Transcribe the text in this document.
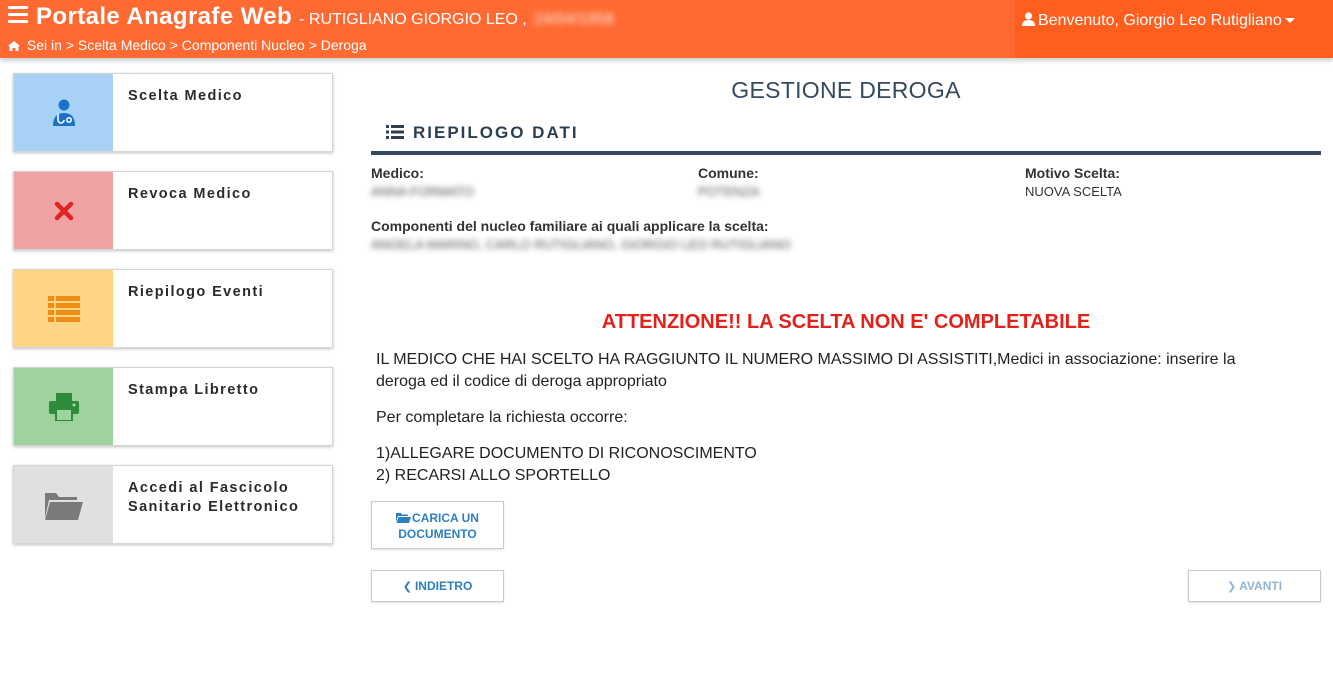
Portale Anagrafe Web - RUTIGLIANO GIORGIO LEO , 24/04/1958
Sei in > Scelta Medico > Componenti Nucleo > Deroga
Benvenuto, Giorgio Leo Rutigliano
Scelta Medico
Revoca Medico
Riepilogo Eventi
Stampa Libretto
Accedi al Fascicolo Sanitario Elettronico
GESTIONE DEROGA
RIEPILOGO DATI
Medico:
ANNA FORMATO
Comune:
POTENZA
Motivo Scelta:
NUOVA SCELTA
Componenti del nucleo familiare ai quali applicare la scelta:
ANGELA MARINO, CARLO RUTIGLIANO, GIORGIO LEO RUTIGLIANO
ATTENZIONE!! LA SCELTA NON E' COMPLETABILE
IL MEDICO CHE HAI SCELTO HA RAGGIUNTO IL NUMERO MASSIMO DI ASSISTITI,Medici in associazione: inserire la deroga ed il codice di deroga appropriato
Per completare la richiesta occorre:
1)ALLEGARE DOCUMENTO DI RICONOSCIMENTO
2) RECARSI ALLO SPORTELLO
CARICA UN DOCUMENTO
❮ INDIETRO	❯ AVANTI
